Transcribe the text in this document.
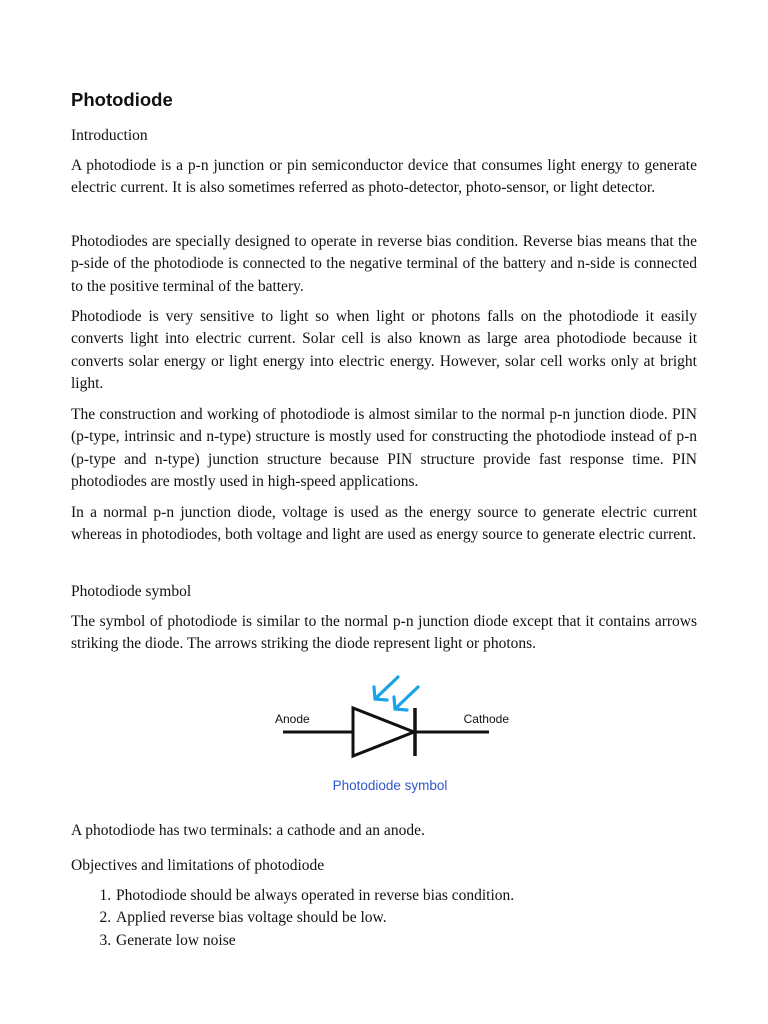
Photodiode

Introduction

A photodiode is a p-n junction or pin semiconductor device that consumes light energy to generate electric current. It is also sometimes referred as photo-detector, photo-sensor, or light detector.

Photodiodes are specially designed to operate in reverse bias condition. Reverse bias means that the p-side of the photodiode is connected to the negative terminal of the battery and n-side is connected to the positive terminal of the battery.

Photodiode is very sensitive to light so when light or photons falls on the photodiode it easily converts light into electric current. Solar cell is also known as large area photodiode because it converts solar energy or light energy into electric energy. However, solar cell works only at bright light.

The construction and working of photodiode is almost similar to the normal p-n junction diode. PIN (p-type, intrinsic and n-type) structure is mostly used for constructing the photodiode instead of p-n (p-type and n-type) junction structure because PIN structure provide fast response time. PIN photodiodes are mostly used in high-speed applications.

In a normal p-n junction diode, voltage is used as the energy source to generate electric current whereas in photodiodes, both voltage and light are used as energy source to generate electric current.

Photodiode symbol

The symbol of photodiode is similar to the normal p-n junction diode except that it contains arrows striking the diode. The arrows striking the diode represent light or photons.

Anode	Cathode
Photodiode symbol

A photodiode has two terminals: a cathode and an anode.

Objectives and limitations of photodiode

1. Photodiode should be always operated in reverse bias condition.
2. Applied reverse bias voltage should be low.
3. Generate low noise
